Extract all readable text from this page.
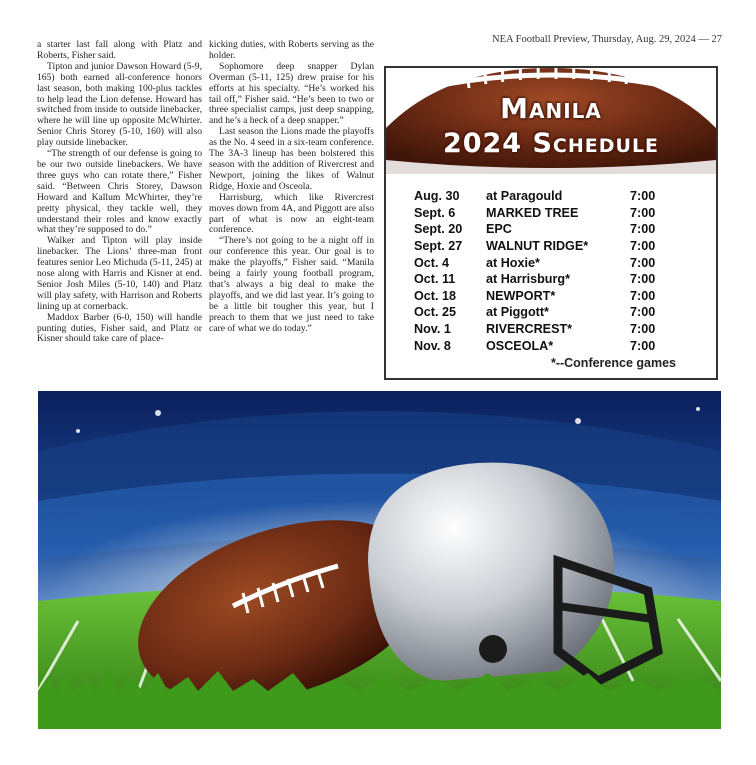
NEA Football Preview, Thursday, Aug. 29, 2024 — 27

a starter last fall along with Platz and Roberts, Fisher said.

Tipton and junior Dawson Howard (5-9, 165) both earned all-conference honors last season, both making 100-plus tackles to help lead the Lion defense. Howard has switched from inside to outside linebacker, where he will line up opposite McWhirter. Senior Chris Storey (5-10, 160) will also play outside linebacker.

“The strength of our defense is going to be our two outside linebackers. We have three guys who can rotate there,” Fisher said. “Between Chris Storey, Dawson Howard and Kallum McWhirter, they’re pretty physical, they tackle well, they understand their roles and know exactly what they’re supposed to do.”

Walker and Tipton will play inside linebacker. The Lions’ three-man front features senior Leo Michuda (5-11, 245) at nose along with Harris and Kisner at end. Senior Josh Miles (5-10, 140) and Platz will play safety, with Harrison and Roberts lining up at cornerback.

Maddox Barber (6-0, 150) will handle punting duties, Fisher said, and Platz or Kisner should take care of place-

kicking duties, with Roberts serving as the holder.

Sophomore deep snapper Dylan Overman (5-11, 125) drew praise for his efforts at his specialty. “He’s worked his tail off,” Fisher said. “He’s been to two or three specialist camps, just deep snapping, and he’s a heck of a deep snapper.”

Last season the Lions made the playoffs as the No. 4 seed in a six-team conference. The 3A-3 lineup has been bolstered this season with the addition of Rivercrest and Newport, joining the likes of Walnut Ridge, Hoxie and Osceola.

Harrisburg, which like Rivercrest moves down from 4A, and Piggott are also part of what is now an eight-team conference.

“There’s not going to be a night off in our conference this year. Our goal is to make the playoffs,” Fisher said. “Manila being a fairly young football program, that’s always a big deal to make the playoffs, and we did last year. It’s going to be a little bit tougher this year, but I preach to them that we just need to take care of what we do today.”

Manila
2024 Schedule
Aug. 30	at Paragould	7:00
Sept. 6	MARKED TREE	7:00
Sept. 20	EPC	7:00
Sept. 27	WALNUT RIDGE*	7:00
Oct. 4	at Hoxie*	7:00
Oct. 11	at Harrisburg*	7:00
Oct. 18	NEWPORT*	7:00
Oct. 25	at Piggott*	7:00
Nov. 1	RIVERCREST*	7:00
Nov. 8	OSCEOLA*	7:00
*--Conference games
